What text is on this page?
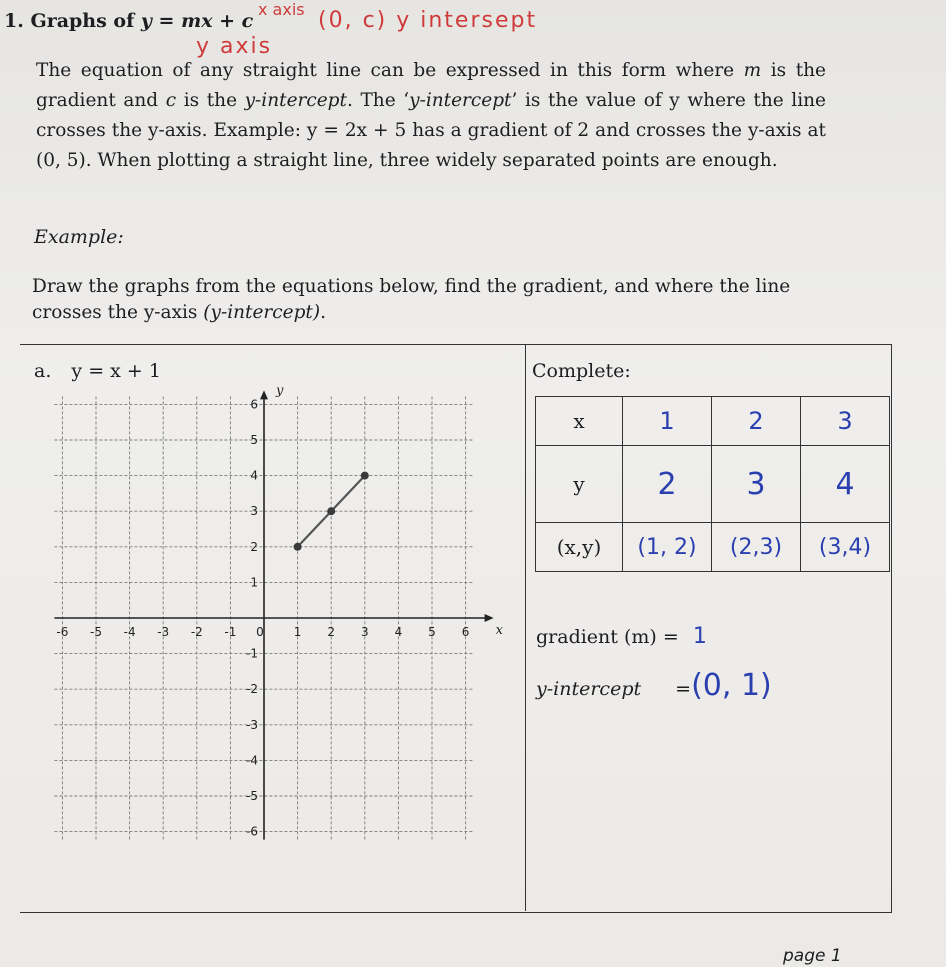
1. Graphs of y = mx + c
x axis (0, c) y intersept
y axis
The equation of any straight line can be expressed in this form where m is the gradient and c is the y-intercept. The ‘y-intercept’ is the value of y where the line crosses the y-axis. Example: y = 2x + 5 has a gradient of 2 and crosses the y-axis at (0, 5). When plotting a straight line, three widely separated points are enough.
Example:
Draw the graphs from the equations below, find the gradient, and where the line crosses the y-axis (y-intercept).
a. y = x + 1	Complete:
x
y
-6 -5 -4 -3 -2 -1 0 1 2 3 4 5 6
6
5
4
3
2
1
-1
-2
-3
-4
-5
-6
x	1	2	3
y	2	3	4
(x,y)	(1, 2)	(2,3)	(3,4)
gradient (m) = 1
y-intercept =(0, 1)
page 1
